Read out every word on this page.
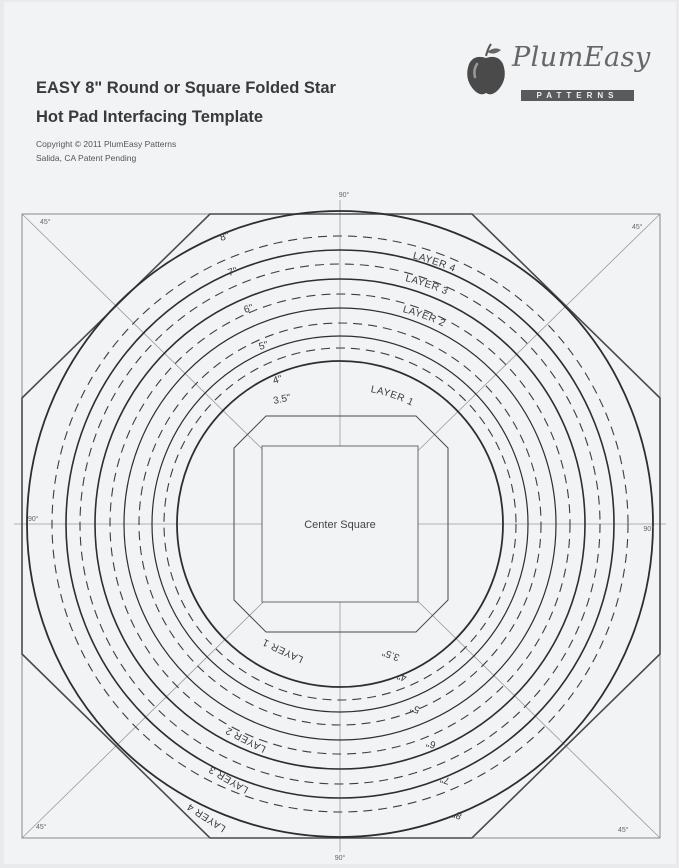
EASY 8" Round or Square Folded Star
Hot Pad Interfacing Template
Copyright © 2011 PlumEasy Patterns
Salida, CA Patent Pending
PlumEasy
PATTERNS
Center Square
90°
90°
90°
90°
45°
45°
45°	45°
LAYER 4
LAYER 3
LAYER 2
LAYER 1
LAYER 4
LAYER 3
LAYER 2
LAYER 1
8"
7"
6"
5"
4"
3.5"
3.5"
4"
5"
6"
7"
8"
